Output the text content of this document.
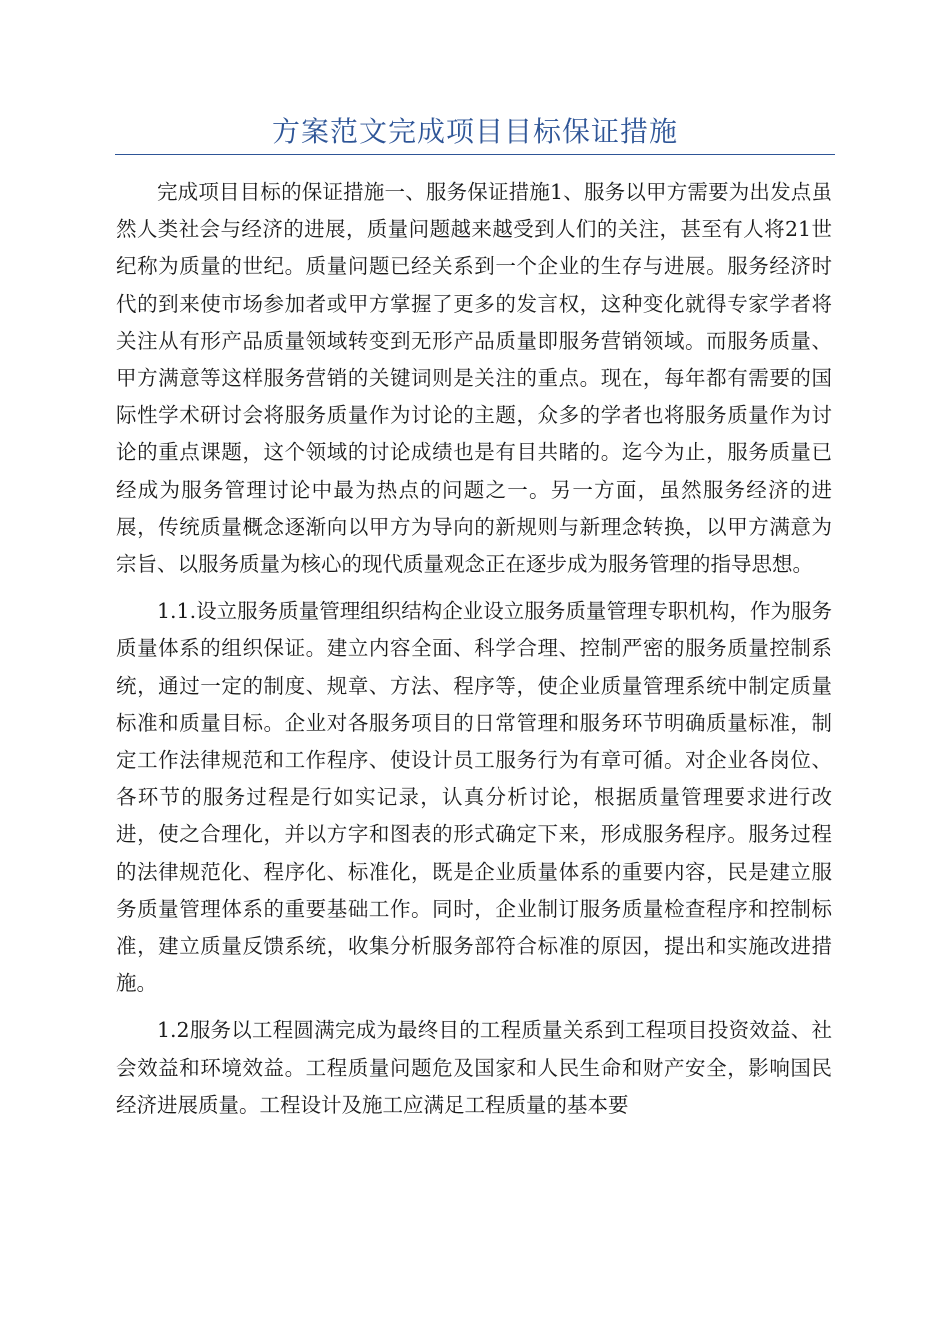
方案范文完成项目目标保证措施

完成项目目标的保证措施一、服务保证措施1、服务以甲方需要为出发点虽然人类社会与经济的进展，质量问题越来越受到人们的关注，甚至有人将21世纪称为质量的世纪。质量问题已经关系到一个企业的生存与进展。服务经济时代的到来使市场参加者或甲方掌握了更多的发言权，这种变化就得专家学者将关注从有形产品质量领域转变到无形产品质量即服务营销领域。而服务质量、甲方满意等这样服务营销的关键词则是关注的重点。现在，每年都有需要的国际性学术研讨会将服务质量作为讨论的主题，众多的学者也将服务质量作为讨论的重点课题，这个领域的讨论成绩也是有目共睹的。迄今为止，服务质量已经成为服务管理讨论中最为热点的问题之一。另一方面，虽然服务经济的进展，传统质量概念逐渐向以甲方为导向的新规则与新理念转换，以甲方满意为宗旨、以服务质量为核心的现代质量观念正在逐步成为服务管理的指导思想。

1.1.设立服务质量管理组织结构企业设立服务质量管理专职机构，作为服务质量体系的组织保证。建立内容全面、科学合理、控制严密的服务质量控制系统，通过一定的制度、规章、方法、程序等，使企业质量管理系统中制定质量标准和质量目标。企业对各服务项目的日常管理和服务环节明确质量标准，制定工作法律规范和工作程序、使设计员工服务行为有章可循。对企业各岗位、各环节的服务过程是行如实记录，认真分析讨论，根据质量管理要求进行改进，使之合理化，并以方字和图表的形式确定下来，形成服务程序。服务过程的法律规范化、程序化、标准化，既是企业质量体系的重要内容，民是建立服务质量管理体系的重要基础工作。同时，企业制订服务质量检查程序和控制标准，建立质量反馈系统，收集分析服务部符合标准的原因，提出和实施改进措施。

1.2服务以工程圆满完成为最终目的工程质量关系到工程项目投资效益、社会效益和环境效益。工程质量问题危及国家和人民生命和财产安全，影响国民经济进展质量。工程设计及施工应满足工程质量的基本要
